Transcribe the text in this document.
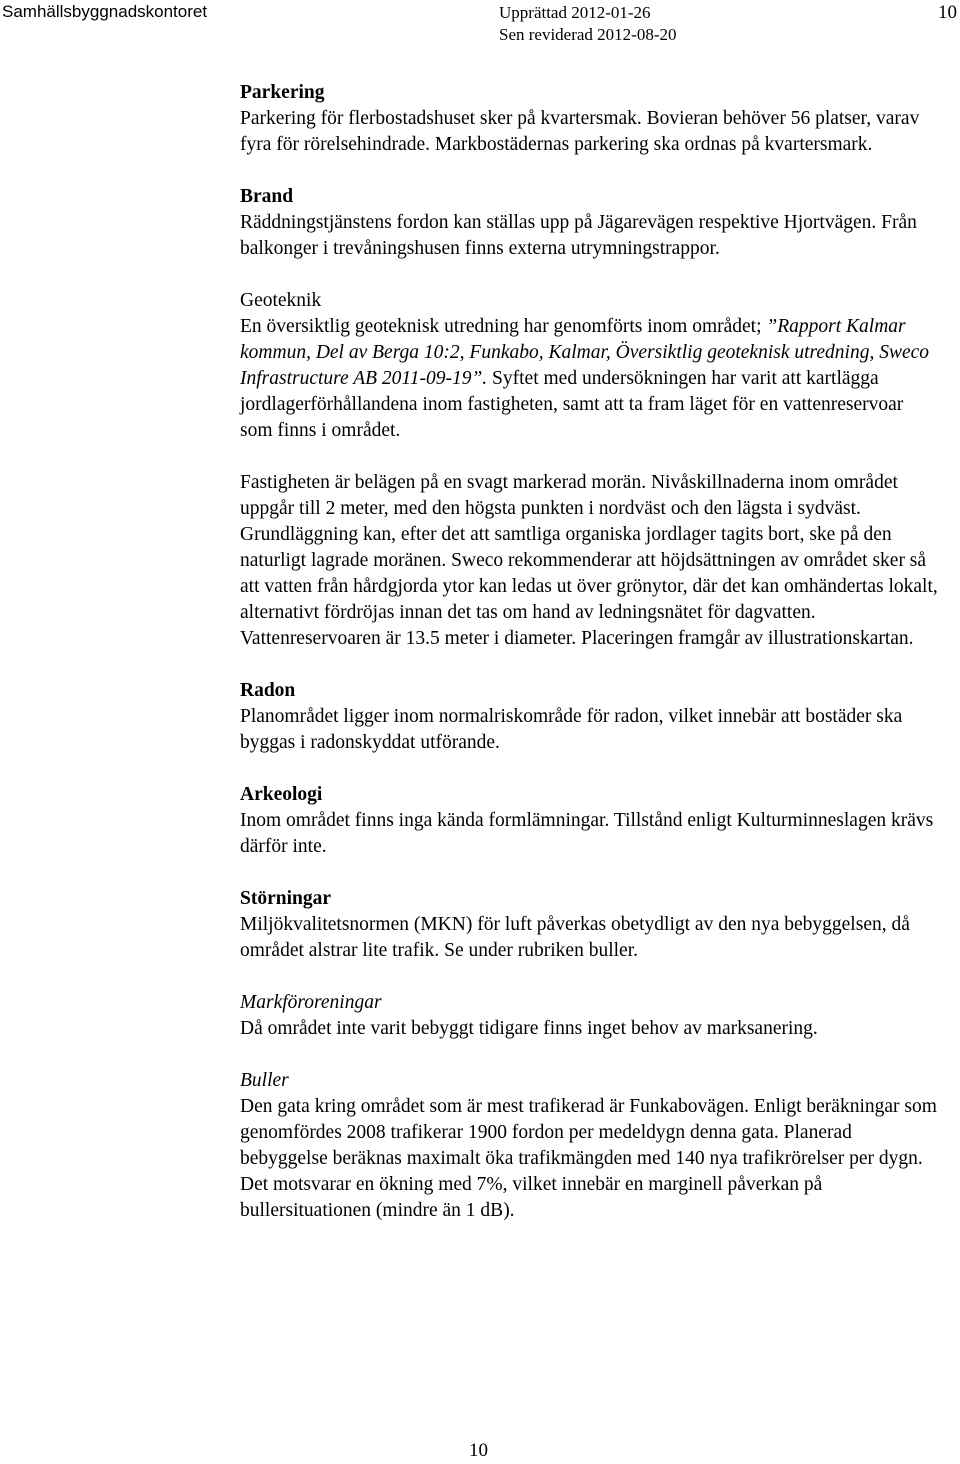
Samhällsbyggnadskontoret	Upprättad 2012-01-26
Sen reviderad 2012-08-20
10
Parkering

Parkering för flerbostadshuset sker på kvartersmak. Bovieran behöver 56 platser, varav fyra för rörelsehindrade. Markbostädernas parkering ska ordnas på kvartersmark.

Brand

Räddningstjänstens fordon kan ställas upp på Jägarevägen respektive Hjortvägen. Från balkonger i trevåningshusen finns externa utrymningstrappor.

Geoteknik

En översiktlig geoteknisk utredning har genomförts inom området; ”Rapport Kalmar kommun, Del av Berga 10:2, Funkabo, Kalmar, Översiktlig geoteknisk utredning, Sweco Infrastructure AB 2011-09-19”. Syftet med undersökningen har varit att kartlägga jordlagerförhållandena inom fastigheten, samt att ta fram läget för en vattenreservoar som finns i området.

Fastigheten är belägen på en svagt markerad morän. Nivåskillnaderna inom området uppgår till 2 meter, med den högsta punkten i nordväst och den lägsta i sydväst. Grundläggning kan, efter det att samtliga organiska jordlager tagits bort, ske på den naturligt lagrade moränen. Sweco rekommenderar att höjdsättningen av området sker så att vatten från hårdgjorda ytor kan ledas ut över grönytor, där det kan omhändertas lokalt, alternativt fördröjas innan det tas om hand av ledningsnätet för dagvatten. Vattenreservoaren är 13.5 meter i diameter. Placeringen framgår av illustrationskartan.

Radon

Planområdet ligger inom normalriskområde för radon, vilket innebär att bostäder ska byggas i radonskyddat utförande.

Arkeologi

Inom området finns inga kända formlämningar. Tillstånd enligt Kulturminneslagen krävs därför inte.

Störningar

Miljökvalitetsnormen (MKN) för luft påverkas obetydligt av den nya bebyggelsen, då området alstrar lite trafik. Se under rubriken buller.

Markföroreningar

Då området inte varit bebyggt tidigare finns inget behov av marksanering.

Buller

Den gata kring området som är mest trafikerad är Funkabovägen. Enligt beräkningar som genomfördes 2008 trafikerar 1900 fordon per medeldygn denna gata. Planerad bebyggelse beräknas maximalt öka trafikmängden med 140 nya trafikrörelser per dygn. Det motsvarar en ökning med 7%, vilket innebär en marginell påverkan på bullersituationen (mindre än 1 dB).

10
